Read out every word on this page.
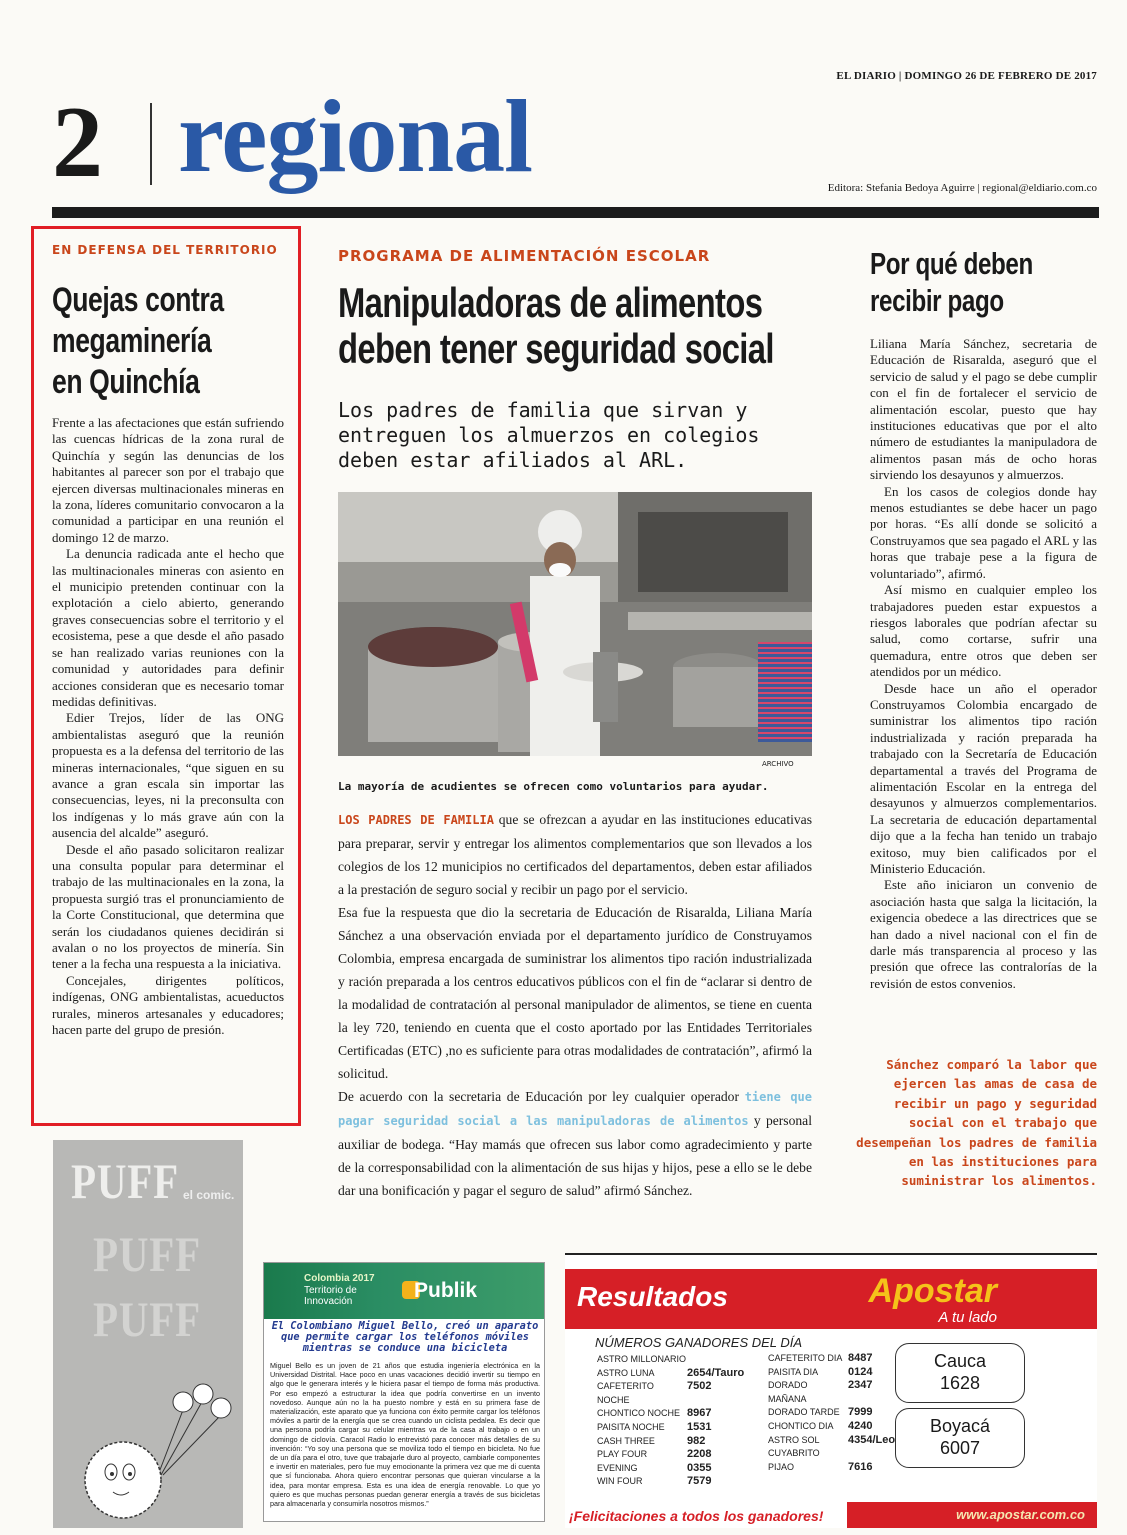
EL DIARIO | DOMINGO 26 DE FEBRERO DE 2017
2 regional	Editora: Stefania Bedoya Aguirre | regional@eldiario.com.co
EN DEFENSA DEL TERRITORIO
Quejas contra
megaminería
en Quinchía

Frente a las afectaciones que están sufriendo las cuencas hídricas de la zona rural de Quinchía y según las denuncias de los habitantes al parecer son por el trabajo que ejercen diversas multinacionales mineras en la zona, líderes comunitario convocaron a la comunidad a participar en una reunión el domingo 12 de marzo.

La denuncia radicada ante el hecho que las multinacionales mineras con asiento en el municipio pretenden continuar con la explotación a cielo abierto, generando graves consecuencias sobre el territorio y el ecosistema, pese a que desde el año pasado se han realizado varias reuniones con la comunidad y autoridades para definir acciones consideran que es necesario tomar medidas definitivas.

Edier Trejos, líder de las ONG ambientalistas aseguró que la reunión propuesta es a la defensa del territorio de las mineras internacionales, “que siguen en su avance a gran escala sin importar las consecuencias, leyes, ni la preconsulta con los indígenas y lo más grave aún con la ausencia del alcalde” aseguró.

Desde el año pasado solicitaron realizar una consulta popular para determinar el trabajo de las multinacionales en la zona, la propuesta surgió tras el pronunciamiento de la Corte Constitucional, que determina que serán los ciudadanos quienes decidirán si avalan o no los proyectos de minería. Sin tener a la fecha una respuesta a la iniciativa.

Concejales, dirigentes políticos, indígenas, ONG ambientalistas, acueductos rurales, mineros artesanales y educadores; hacen parte del grupo de presión.

PROGRAMA DE ALIMENTACIÓN ESCOLAR
Manipuladoras de alimentos
deben tener seguridad social
Los padres de familia que sirvan y entreguen los almuerzos en colegios deben estar afiliados al ARL.
ARCHIVO
La mayoría de acudientes se ofrecen como voluntarios para ayudar.

LOS PADRES DE FAMILIA que se ofrezcan a ayudar en las instituciones educativas para preparar, servir y entregar los alimentos complementarios que son llevados a los colegios de los 12 municipios no certificados del departamentos, deben estar afiliados a la prestación de seguro social y recibir un pago por el servicio.

Esa fue la respuesta que dio la secretaria de Educación de Risaralda, Liliana María Sánchez a una observación enviada por el departamento jurídico de Construyamos Colombia, empresa encargada de suministrar los alimentos tipo ración industrializada y ración preparada a los centros educativos públicos con el fin de “aclarar si dentro de la modalidad de contratación al personal manipulador de alimentos, se tiene en cuenta la ley 720, teniendo en cuenta que el costo aportado por las Entidades Territoriales Certificadas (ETC) ,no es suficiente para otras modalidades de contratación”, afirmó la solicitud.

De acuerdo con la secretaria de Educación por ley cualquier operador tiene que pagar seguridad social a las manipuladoras de alimentos y personal auxiliar de bodega. “Hay mamás que ofrecen sus labor como agradecimiento y parte de la corresponsabilidad con la alimentación de sus hijas y hijos, pese a ello se le debe dar una bonificación y pagar el seguro de salud” afirmó Sánchez.

Por qué deben
recibir pago

Liliana María Sánchez, secretaria de Educación de Risaralda, aseguró que el servicio de salud y el pago se debe cumplir con el fin de fortalecer el servicio de alimentación escolar, puesto que hay instituciones educativas que por el alto número de estudiantes la manipuladora de alimentos pasan más de ocho horas sirviendo los desayunos y almuerzos.

En los casos de colegios donde hay menos estudiantes se debe hacer un pago por horas. “Es allí donde se solicitó a Construyamos que sea pagado el ARL y las horas que trabaje pese a la figura de voluntariado”, afirmó.

Así mismo en cualquier empleo los trabajadores pueden estar expuestos a riesgos laborales que podrían afectar su salud, como cortarse, sufrir una quemadura, entre otros que deben ser atendidos por un médico.

Desde hace un año el operador Construyamos Colombia encargado de suministrar los alimentos tipo ración industrializada y ración preparada ha trabajado con la Secretaría de Educación departamental a través del Programa de alimentación Escolar en la entrega del desayunos y almuerzos complementarios. La secretaria de educación departamental dijo que a la fecha han tenido un trabajo exitoso, muy bien calificados por el Ministerio Educación.

Este año iniciaron un convenio de asociación hasta que salga la licitación, la exigencia obedece a las directrices que se han dado a nivel nacional con el fin de darle más transparencia al proceso y las presión que ofrece las contralorías de la revisión de estos convenios.

Sánchez comparó la labor que ejercen las amas de casa de recibir un pago y seguridad social con el trabajo que desempeñan los padres de familia en las instituciones para suministrar los alimentos.
PUFF el comic.
PUFF
PUFF
Colombia 2017
Territorio de Innovación	Publik
El Colombiano Miguel Bello, creó un aparato que permite cargar los teléfonos móviles mientras se conduce una bicicleta
Miguel Bello es un joven de 21 años que estudia ingeniería electrónica en la Universidad Distrital. Hace poco en unas vacaciones decidió invertir su tiempo en algo que le generara interés y le hiciera pasar el tiempo de forma más productiva. Por eso empezó a estructurar la idea que podría convertirse en un invento novedoso. Aunque aún no la ha puesto nombre y está en su primera fase de materialización, este aparato que ya funciona con éxito permite cargar los teléfonos móviles a partir de la energía que se crea cuando un ciclista pedalea. Es decir que una persona podría cargar su celular mientras va de la casa al trabajo o en un domingo de ciclovía. Caracol Radio lo entrevistó para conocer más detalles de su invención: “Yo soy una persona que se moviliza todo el tiempo en bicicleta. No fue de un día para el otro, tuve que trabajarle duro al proyecto, cambiarle componentes e invertir en materiales, pero fue muy emocionante la primera vez que me di cuenta que sí funcionaba. Ahora quiero encontrar personas que quieran vincularse a la idea, para montar empresa. Esta es una idea de energía renovable. Lo que yo quiero es que muchas personas puedan generar energía a través de sus bicicletas para almacenarla y consumirla nosotros mismos.”
Resultados	Apostar
A tu lado
NÚMEROS GANADORES DEL DÍA
ASTRO MILLONARIO
ASTRO LUNA	2654/Tauro
CAFETERITO NOCHE
7502
CHONTICO NOCHE 8967
PAISITA NOCHE	1531
CASH THREE	982
PLAY FOUR	2208
EVENING	0355
WIN FOUR	7579
CAFETERITO DIA 8487
PAISITA DIA	0124
DORADO MAÑANA
2347
DORADO TARDE 7999
CHONTICO DIA	4240
ASTRO SOL	4354/Leo
CUYABRITO
PIJAO	7616
Cauca
1628
Boyacá
6007
¡Felicitaciones a todos los ganadores!	www.apostar.com.co
